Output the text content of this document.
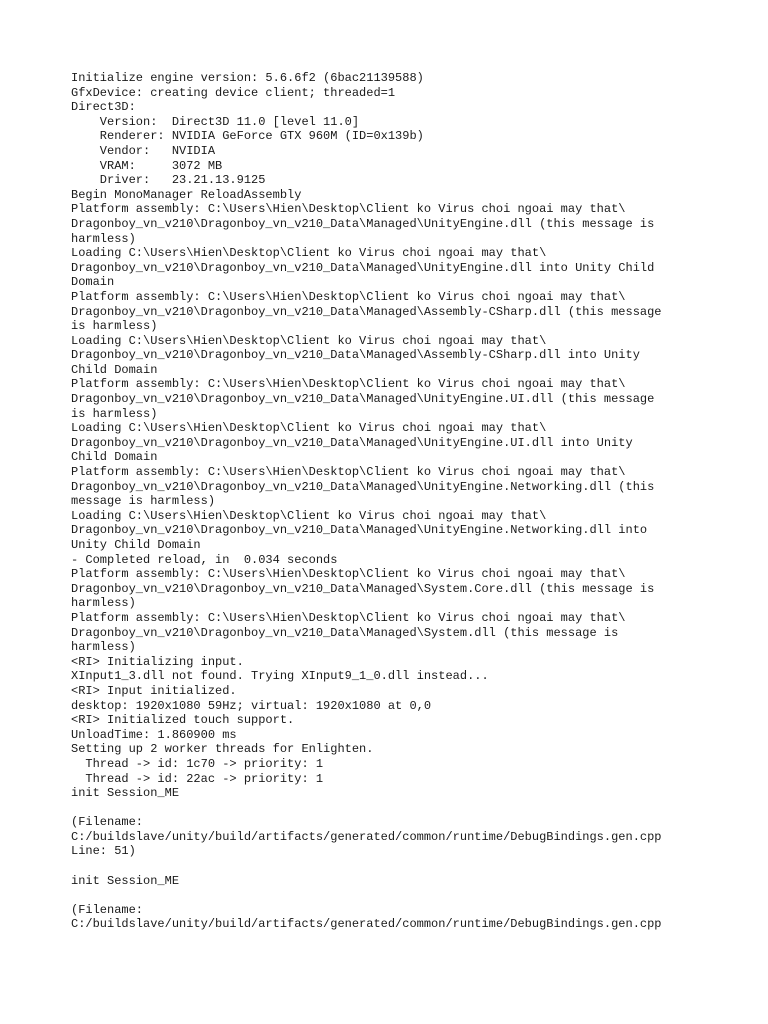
Initialize engine version: 5.6.6f2 (6bac21139588)
GfxDevice: creating device client; threaded=1
Direct3D:
Version:  Direct3D 11.0 [level 11.0]
Renderer: NVIDIA GeForce GTX 960M (ID=0x139b)
Vendor:   NVIDIA
VRAM:     3072 MB
Driver:   23.21.13.9125
Begin MonoManager ReloadAssembly
Platform assembly: C:\Users\Hien\Desktop\Client ko Virus choi ngoai may that\
Dragonboy_vn_v210\Dragonboy_vn_v210_Data\Managed\UnityEngine.dll (this message is
harmless)
Loading C:\Users\Hien\Desktop\Client ko Virus choi ngoai may that\
Dragonboy_vn_v210\Dragonboy_vn_v210_Data\Managed\UnityEngine.dll into Unity Child
Domain
Platform assembly: C:\Users\Hien\Desktop\Client ko Virus choi ngoai may that\
Dragonboy_vn_v210\Dragonboy_vn_v210_Data\Managed\Assembly-CSharp.dll (this message
is harmless)
Loading C:\Users\Hien\Desktop\Client ko Virus choi ngoai may that\
Dragonboy_vn_v210\Dragonboy_vn_v210_Data\Managed\Assembly-CSharp.dll into Unity
Child Domain
Platform assembly: C:\Users\Hien\Desktop\Client ko Virus choi ngoai may that\
Dragonboy_vn_v210\Dragonboy_vn_v210_Data\Managed\UnityEngine.UI.dll (this message
is harmless)
Loading C:\Users\Hien\Desktop\Client ko Virus choi ngoai may that\
Dragonboy_vn_v210\Dragonboy_vn_v210_Data\Managed\UnityEngine.UI.dll into Unity
Child Domain
Platform assembly: C:\Users\Hien\Desktop\Client ko Virus choi ngoai may that\
Dragonboy_vn_v210\Dragonboy_vn_v210_Data\Managed\UnityEngine.Networking.dll (this
message is harmless)
Loading C:\Users\Hien\Desktop\Client ko Virus choi ngoai may that\
Dragonboy_vn_v210\Dragonboy_vn_v210_Data\Managed\UnityEngine.Networking.dll into
Unity Child Domain
- Completed reload, in  0.034 seconds
Platform assembly: C:\Users\Hien\Desktop\Client ko Virus choi ngoai may that\
Dragonboy_vn_v210\Dragonboy_vn_v210_Data\Managed\System.Core.dll (this message is
harmless)
Platform assembly: C:\Users\Hien\Desktop\Client ko Virus choi ngoai may that\
Dragonboy_vn_v210\Dragonboy_vn_v210_Data\Managed\System.dll (this message is
harmless)
<RI> Initializing input.
XInput1_3.dll not found. Trying XInput9_1_0.dll instead...
<RI> Input initialized.
desktop: 1920x1080 59Hz; virtual: 1920x1080 at 0,0
<RI> Initialized touch support.
UnloadTime: 1.860900 ms
Setting up 2 worker threads for Enlighten.
Thread -> id: 1c70 -> priority: 1
Thread -> id: 22ac -> priority: 1
init Session_ME
(Filename:
C:/buildslave/unity/build/artifacts/generated/common/runtime/DebugBindings.gen.cpp
Line: 51)
init Session_ME
(Filename:
C:/buildslave/unity/build/artifacts/generated/common/runtime/DebugBindings.gen.cpp
